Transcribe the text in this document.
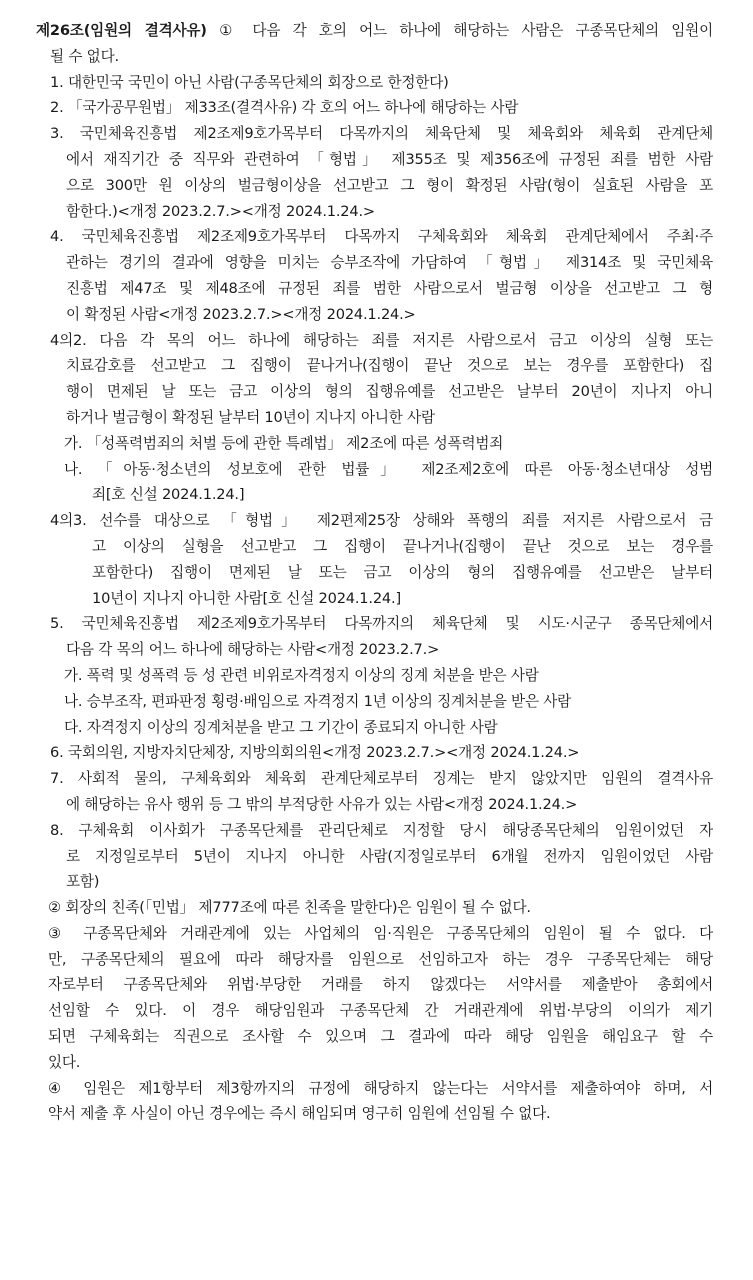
제26조(임원의 결격사유) ① 다음 각 호의 어느 하나에 해당하는 사람은 구종목단체의 임원이
될 수 없다.
1. 대한민국 국민이 아닌 사람(구종목단체의 회장으로 한정한다)
2. 「국가공무원법」 제33조(결격사유) 각 호의 어느 하나에 해당하는 사람
3. 국민체육진흥법 제2조제9호가목부터 다목까지의 체육단체 및 체육회와 체육회 관계단체
에서 재직기간 중 직무와 관련하여 「형법」 제355조 및 제356조에 규정된 죄를 범한 사람
으로 300만 원 이상의 벌금형이상을 선고받고 그 형이 확정된 사람(형이 실효된 사람을 포
함한다.)<개정 2023.2.7.><개정 2024.1.24.>
4. 국민체육진흥법 제2조제9호가목부터 다목까지 구체육회와 체육회 관계단체에서 주최·주
관하는 경기의 결과에 영향을 미치는 승부조작에 가담하여 「형법」 제314조 및 국민체육
진흥법 제47조 및 제48조에 규정된 죄를 범한 사람으로서 벌금형 이상을 선고받고 그 형
이 확정된 사람<개정 2023.2.7.><개정 2024.1.24.>
4의2. 다음 각 목의 어느 하나에 해당하는 죄를 저지른 사람으로서 금고 이상의 실형 또는
치료감호를 선고받고 그 집행이 끝나거나(집행이 끝난 것으로 보는 경우를 포함한다) 집
행이 면제된 날 또는 금고 이상의 형의 집행유예를 선고받은 날부터 20년이 지나지 아니
하거나 벌금형이 확정된 날부터 10년이 지나지 아니한 사람
가. 「성폭력범죄의 처벌 등에 관한 특례법」 제2조에 따른 성폭력범죄
나. 「아동·청소년의 성보호에 관한 법률」 제2조제2호에 따른 아동·청소년대상 성범
죄[호 신설 2024.1.24.]
4의3. 선수를 대상으로 「형법」 제2편제25장 상해와 폭행의 죄를 저지른 사람으로서 금
고 이상의 실형을 선고받고 그 집행이 끝나거나(집행이 끝난 것으로 보는 경우를
포함한다) 집행이 면제된 날 또는 금고 이상의 형의 집행유예를 선고받은 날부터
10년이 지나지 아니한 사람[호 신설 2024.1.24.]
5. 국민체육진흥법 제2조제9호가목부터 다목까지의 체육단체 및 시도·시군구 종목단체에서
다음 각 목의 어느 하나에 해당하는 사람<개정 2023.2.7.>
가. 폭력 및 성폭력 등 성 관련 비위로자격정지 이상의 징계 처분을 받은 사람
나. 승부조작, 편파판정 횡령·배임으로 자격정지 1년 이상의 징계처분을 받은 사람
다. 자격정지 이상의 징계처분을 받고 그 기간이 종료되지 아니한 사람
6. 국회의원, 지방자치단체장, 지방의회의원<개정 2023.2.7.><개정 2024.1.24.>
7. 사회적 물의, 구체육회와 체육회 관계단체로부터 징계는 받지 않았지만 임원의 결격사유
에 해당하는 유사 행위 등 그 밖의 부적당한 사유가 있는 사람<개정 2024.1.24.>
8. 구체육회 이사회가 구종목단체를 관리단체로 지정할 당시 해당종목단체의 임원이었던 자
로 지정일로부터 5년이 지나지 아니한 사람(지정일로부터 6개월 전까지 임원이었던 사람
포함)
② 회장의 친족(「민법」 제777조에 따른 친족을 말한다)은 임원이 될 수 없다.
③ 구종목단체와 거래관계에 있는 사업체의 임·직원은 구종목단체의 임원이 될 수 없다. 다
만, 구종목단체의 필요에 따라 해당자를 임원으로 선임하고자 하는 경우 구종목단체는 해당
자로부터 구종목단체와 위법·부당한 거래를 하지 않겠다는 서약서를 제출받아 총회에서
선임할 수 있다. 이 경우 해당임원과 구종목단체 간 거래관계에 위법·부당의 이의가 제기
되면 구체육회는 직권으로 조사할 수 있으며 그 결과에 따라 해당 임원을 해임요구 할 수
있다.
④ 임원은 제1항부터 제3항까지의 규정에 해당하지 않는다는 서약서를 제출하여야 하며, 서
약서 제출 후 사실이 아닌 경우에는 즉시 해임되며 영구히 임원에 선임될 수 없다.
